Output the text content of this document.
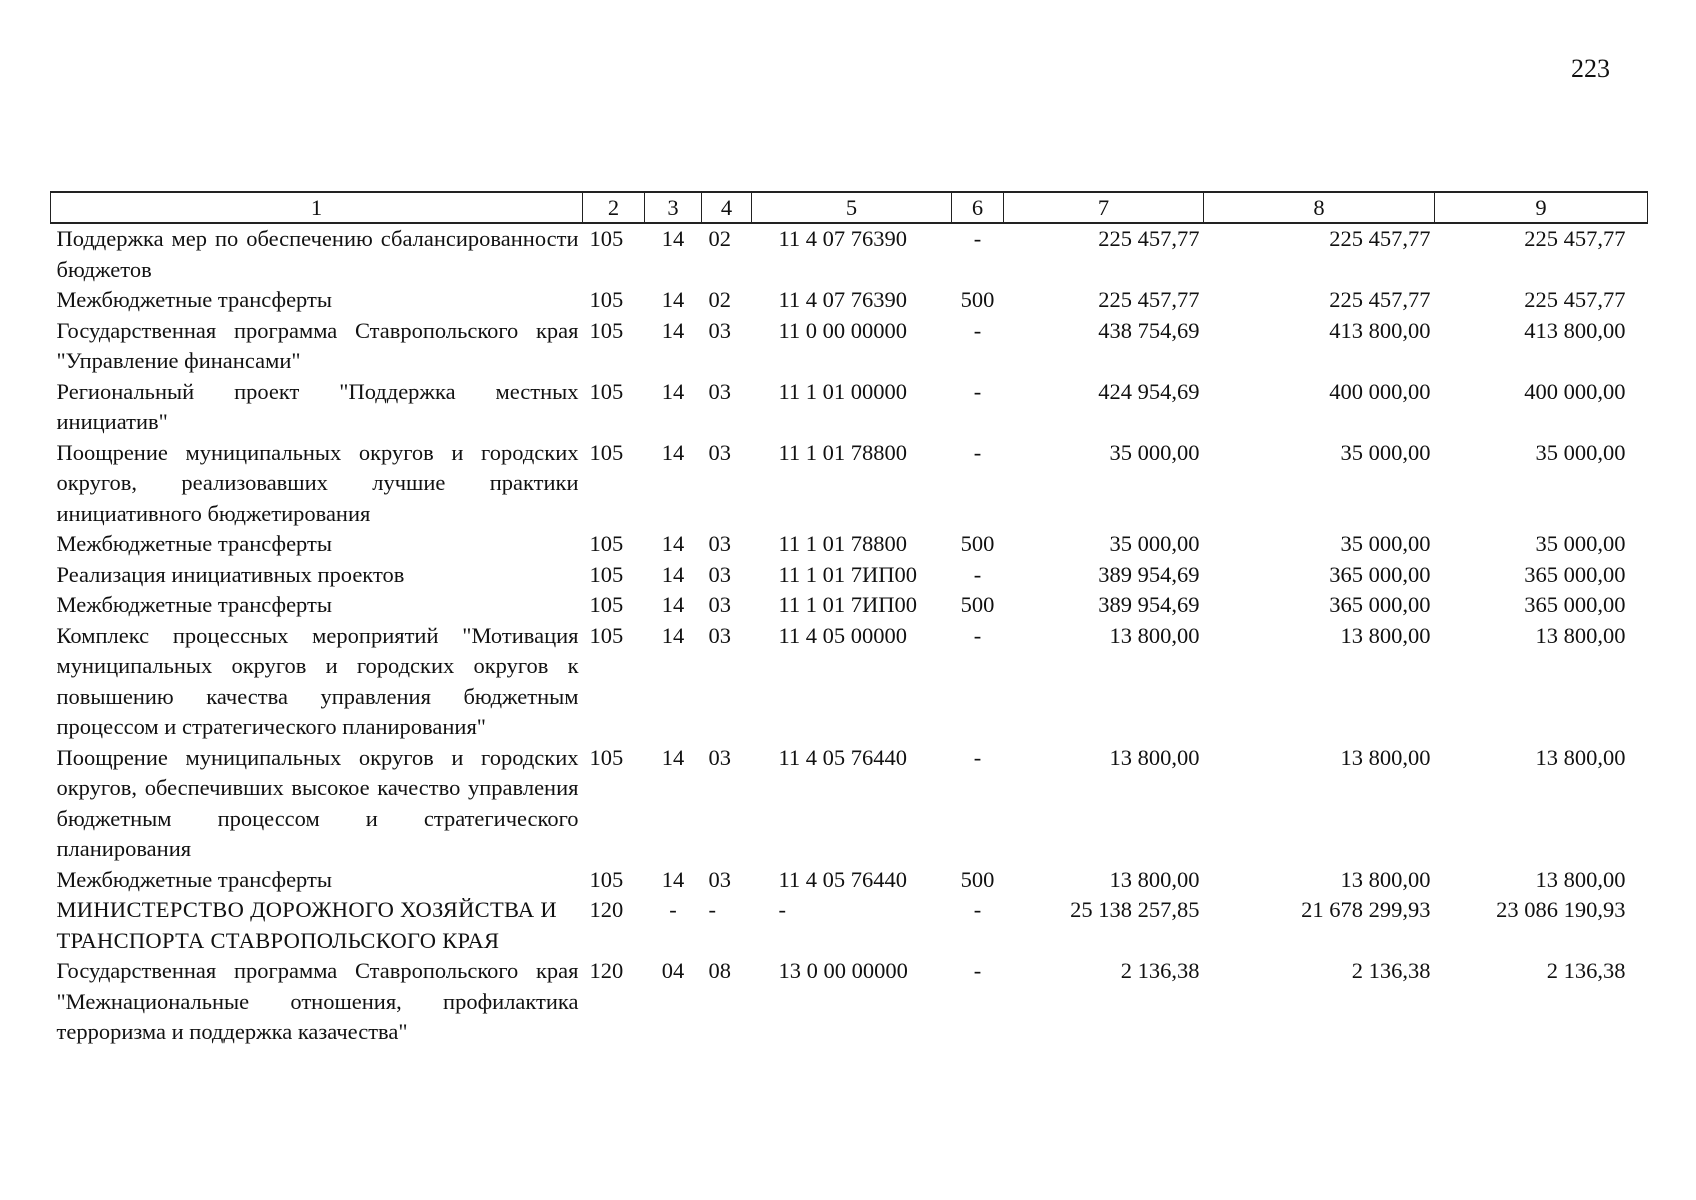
223
1	2	3	4	5	6	7	8	9
Поддержка мер по обеспечению сбалансированности бюджетов	105	14	02	11 4 07 76390	-	225 457,77	225 457,77	225 457,77
Межбюджетные трансферты	105	14	02	11 4 07 76390	500	225 457,77	225 457,77	225 457,77
Государственная программа Ставропольского края "Управление финансами"	105	14	03	11 0 00 00000	-	438 754,69	413 800,00	413 800,00
Региональный проект "Поддержка местных инициатив"	105	14	03	11 1 01 00000	-	424 954,69	400 000,00	400 000,00
Поощрение муниципальных округов и городских округов, реализовавших лучшие практики инициативного бюджетирования	105	14	03	11 1 01 78800	-	35 000,00	35 000,00	35 000,00
Межбюджетные трансферты	105	14	03	11 1 01 78800	500	35 000,00	35 000,00	35 000,00
Реализация инициативных проектов	105	14	03	11 1 01 7ИП00	-	389 954,69	365 000,00	365 000,00
Межбюджетные трансферты	105	14	03	11 1 01 7ИП00	500	389 954,69	365 000,00	365 000,00
Комплекс процессных мероприятий "Мотивация муниципальных округов и городских округов к повышению качества управления бюджетным процессом и стратегического планирования"	105	14	03	11 4 05 00000	-	13 800,00	13 800,00	13 800,00
Поощрение муниципальных округов и городских округов, обеспечивших высокое качество управления бюджетным процессом и стратегического планирования	105	14	03	11 4 05 76440	-	13 800,00	13 800,00	13 800,00
Межбюджетные трансферты	105	14	03	11 4 05 76440	500	13 800,00	13 800,00	13 800,00
МИНИСТЕРСТВО ДОРОЖНОГО ХОЗЯЙСТВА И ТРАНСПОРТА СТАВРОПОЛЬСКОГО КРАЯ	120	-	-	-	-	25 138 257,85	21 678 299,93	23 086 190,93
Государственная программа Ставропольского края "Межнациональные отношения, профилактика терроризма и поддержка казачества"	120	04	08	13 0 00 00000	-	2 136,38	2 136,38	2 136,38
